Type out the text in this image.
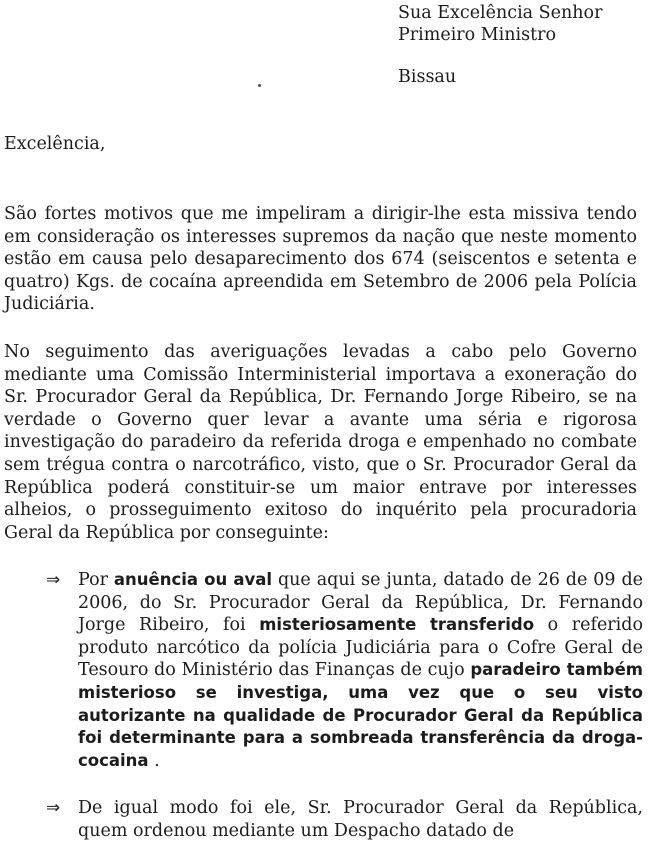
Sua Excelência Senhor
Primeiro Ministro
Bissau
Excelência,
São fortes motivos que me impeliram a dirigir-lhe esta missiva tendo em consideração os interesses supremos da nação que neste momento estão em causa pelo desaparecimento dos 674 (seiscentos e setenta e quatro) Kgs. de cocaína apreendida em Setembro de 2006 pela Polícia Judiciária.
No seguimento das averiguações levadas a cabo pelo Governo mediante uma Comissão Interministerial importava a exoneração do Sr. Procurador Geral da República, Dr. Fernando Jorge Ribeiro, se na verdade o Governo quer levar a avante uma séria e rigorosa investigação do paradeiro da referida droga e empenhado no combate sem trégua contra o narcotráfico, visto, que o Sr. Procurador Geral da República poderá constituir-se um maior entrave por interesses alheios, o prosseguimento exitoso do inquérito pela procuradoria Geral da República por conseguinte:
⇒ Por anuência ou aval que aqui se junta, datado de 26 de 09 de 2006, do Sr. Procurador Geral da República, Dr. Fernando Jorge Ribeiro, foi misteriosamente transferido o referido produto narcótico da polícia Judiciária para o Cofre Geral de Tesouro do Ministério das Finanças de cujo paradeiro também misterioso se investiga, uma vez que o seu visto autorizante na qualidade de Procurador Geral da República foi determinante para a sombreada transferência da droga- cocaina .
⇒ De igual modo foi ele, Sr. Procurador Geral da República, quem ordenou mediante um Despacho datado de
